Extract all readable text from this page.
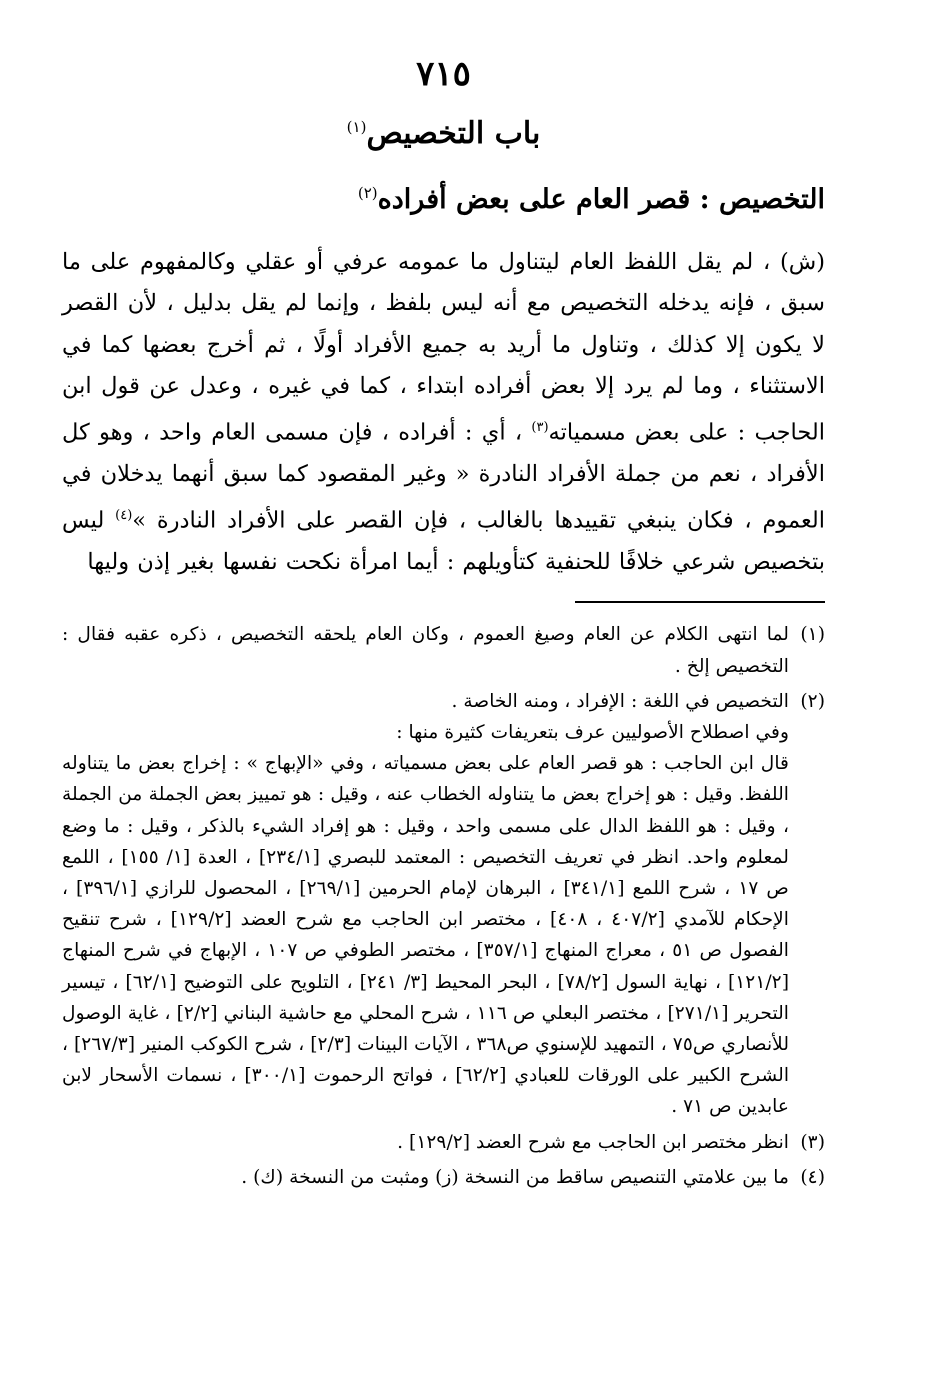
٧١٥
باب التخصيص$^{(١)}$
التخصيص : قصر العام على بعض أفراده$^{(٢)}$

(ش) ، لم يقل اللفظ العام ليتناول ما عمومه عرفي أو عقلي وكالمفهوم على ما سبق ، فإنه يدخله التخصيص مع أنه ليس بلفظ ، وإنما لم يقل بدليل ، لأن القصر لا يكون إلا كذلك ، وتناول ما أريد به جميع الأفراد أولًا ، ثم أخرج بعضها كما في الاستثناء ، وما لم يرد إلا بعض أفراده ابتداء ، كما في غيره ، وعدل عن قول ابن الحاجب : على بعض مسمياته$^{(٣)}$ ، أي : أفراده ، فإن مسمى العام واحد ، وهو كل الأفراد ، نعم من جملة الأفراد النادرة « وغير المقصود كما سبق أنهما يدخلان في العموم ، فكان ينبغي تقييدها بالغالب ، فإن القصر على الأفراد النادرة »$^{(٤)}$ ليس بتخصيص شرعي خلافًا للحنفية كتأويلهم : أيما امرأة نكحت نفسها بغير إذن وليها

(١)

لما انتهى الكلام عن العام وصيغ العموم ، وكان العام يلحقه التخصيص ، ذكره عقبه فقال : التخصيص إلخ .

(٢)

التخصيص في اللغة : الإفراد ، ومنه الخاصة .

وفي اصطلاح الأصوليين عرف بتعريفات كثيرة منها :

قال ابن الحاجب : هو قصر العام على بعض مسمياته ، وفي «الإبهاج » : إخراج بعض ما يتناوله اللفظ. وقيل : هو إخراج بعض ما يتناوله الخطاب عنه ، وقيل : هو تمييز بعض الجملة من الجملة ، وقيل : هو اللفظ الدال على مسمى واحد ، وقيل : هو إفراد الشيء بالذكر ، وقيل : ما وضع لمعلوم واحد. انظر في تعريف التخصيص : المعتمد للبصري [٢٣٤/١] ، العدة [١/ ١٥٥] ، اللمع ص ١٧ ، شرح اللمع [٣٤١/١] ، البرهان لإمام الحرمين [٢٦٩/١] ، المحصول للرازي [٣٩٦/١] ، الإحكام للآمدي [٤٠٧/٢ ، ٤٠٨] ، مختصر ابن الحاجب مع شرح العضد [١٢٩/٢] ، شرح تنقيح الفصول ص ٥١ ، معراج المنهاج [٣٥٧/١] ، مختصر الطوفي ص ١٠٧ ، الإبهاج في شرح المنهاج [١٢١/٢] ، نهاية السول [٧٨/٢] ، البحر المحيط [٣/ ٢٤١] ، التلويح على التوضيح [٦٢/١] ، تيسير التحرير [٢٧١/١] ، مختصر البعلي ص ١١٦ ، شرح المحلي مع حاشية البناني [٢/٢] ، غاية الوصول للأنصاري ص٧٥ ، التمهيد للإسنوي ص٣٦٨ ، الآيات البينات [٢/٣] ، شرح الكوكب المنير [٢٦٧/٣] ، الشرح الكبير على الورقات للعبادي [٦٢/٢] ، فواتح الرحموت [٣٠٠/١] ، نسمات الأسحار لابن عابدين ص ٧١ .

(٣)

انظر مختصر ابن الحاجب مع شرح العضد [١٢٩/٢] .

(٤)

ما بين علامتي التنصيص ساقط من النسخة (ز) ومثبت من النسخة (ك) .
